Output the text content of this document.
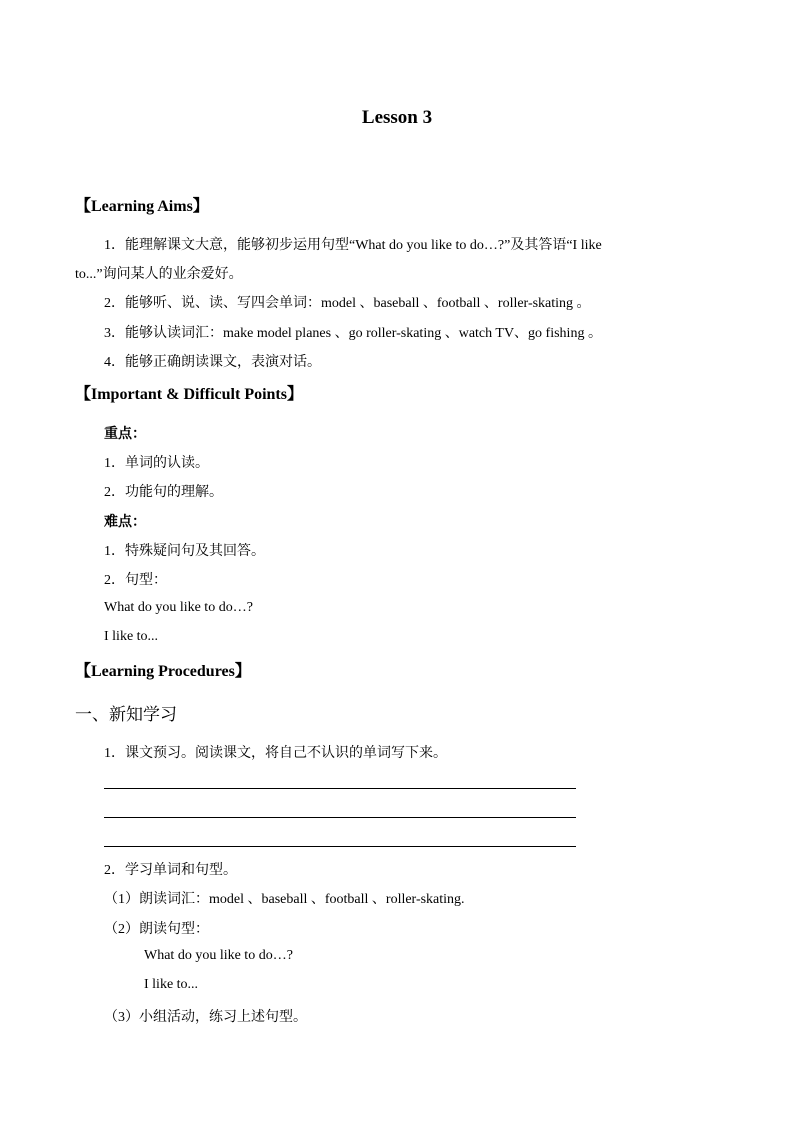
Lesson 3
【Learning Aims】
1．能理解课文大意，能够初步运用句型“What do you like to do…?”及其答语“I like
to...”询问某人的业余爱好。
2．能够听、说、读、写四会单词：model 、baseball 、football 、roller-skating 。
3．能够认读词汇：make model planes 、go roller-skating 、watch TV、go fishing 。
4．能够正确朗读课文，表演对话。
【Important & Difficult Points】
重点：
1．单词的认读。
2．功能句的理解。
难点：
1．特殊疑问句及其回答。
2．句型：
What do you like to do…?
I like to...
【Learning Procedures】
一、新知学习
1．课文预习。阅读课文，将自己不认识的单词写下来。
2．学习单词和句型。
（1）朗读词汇：model 、baseball 、football 、roller-skating.
（2）朗读句型：
What do you like to do…?
I like to...
（3）小组活动，练习上述句型。
